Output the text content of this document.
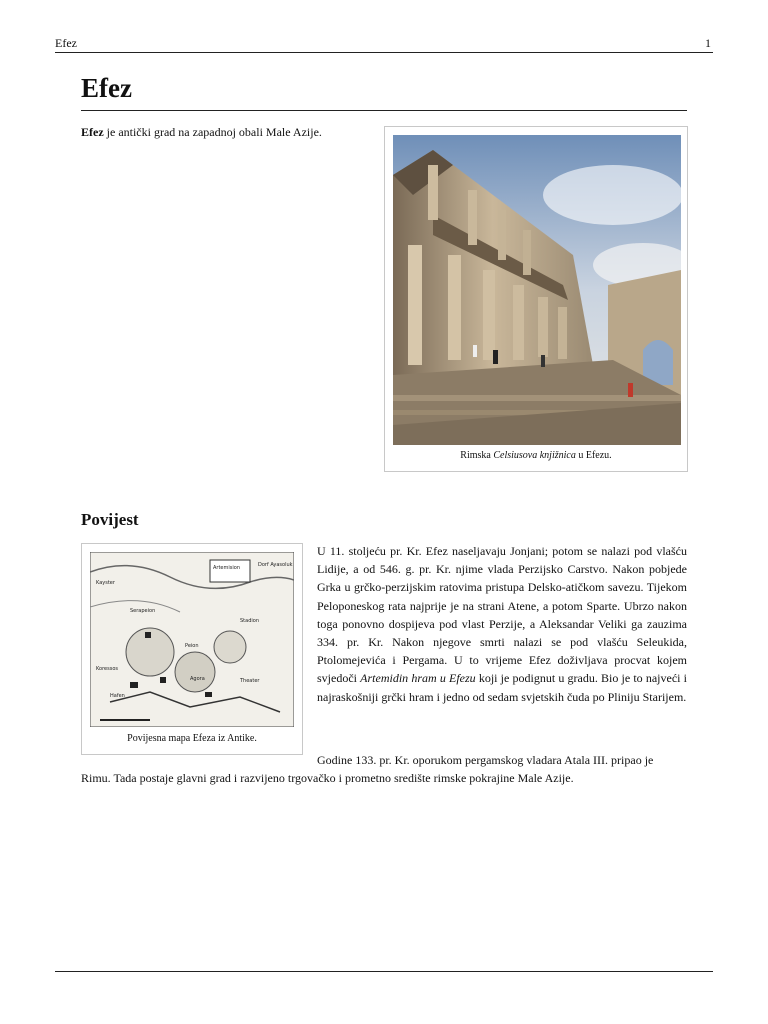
Efez	1
Efez
Efez je antički grad na zapadnoj obali Male Azije.
Rimska Celsiusova knjižnica u Efezu.
Povijest
Artemision	Dorf Ayasoluk
Kayster
Koressos
Peion
Serapeion
Agora
Hafen
Theater
Stadion
Povijesna mapa Efeza iz Antike.
U 11. stoljeću pr. Kr. Efez naseljavaju Jonjani; potom se nalazi pod vlašću Lidije, a od 546. g. pr. Kr. njime vlada Perzijsko Carstvo. Nakon pobjede Grka u grčko-perzijskim ratovima pristupa Delsko-atičkom savezu. Tijekom Peloponeskog rata najprije je na strani Atene, a potom Sparte. Ubrzo nakon toga ponovno dospijeva pod vlast Perzije, a Aleksandar Veliki ga zauzima 334. pr. Kr. Nakon njegove smrti nalazi se pod vlašću Seleukida, Ptolomejevića i Pergama. U to vrijeme Efez doživljava procvat kojem svjedoči Artemidin hram u Efezu koji je podignut u gradu. Bio je to najveći i najraskošniji grčki hram i jedno od sedam svjetskih čuda po Pliniju Starijem.
Godine 133. pr. Kr. oporukom pergamskog vladara Atala III. pripao je
Rimu. Tada postaje glavni grad i razvijeno trgovačko i prometno središte rimske pokrajine Male Azije.
